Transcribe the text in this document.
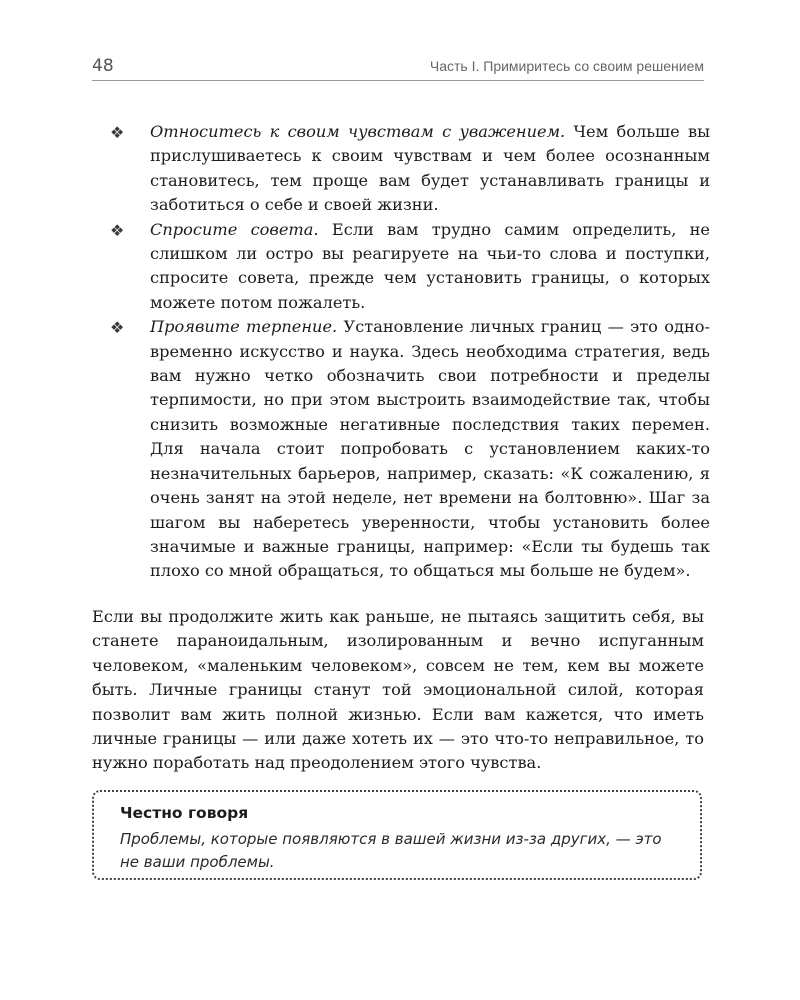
48	Часть I. Примиритесь со своим решением
❖ Относитесь к своим чувствам с уважением. Чем больше вы прислушиваетесь к своим чувствам и чем более осознанным становитесь, тем проще вам будет устанавливать границы и заботиться о себе и своей жизни.
❖ Спросите совета. Если вам трудно самим определить, не слишком ли остро вы реагируете на чьи-то слова и поступки, спросите совета, прежде чем установить границы, о которых можете потом пожалеть.
❖ Проявите терпение. Установление личных границ — это одновременно искусство и наука. Здесь необходима стратегия, ведь вам нужно четко обозначить свои потребности и пределы терпимости, но при этом выстроить взаимодействие так, чтобы снизить возможные негативные последствия таких перемен. Для начала стоит попробовать с установлением каких-то незначительных барьеров, например, сказать: «К сожалению, я очень занят на этой неделе, нет времени на болтовню». Шаг за шагом вы наберетесь уверенности, чтобы установить более значимые и важные границы, например: «Если ты будешь так плохо со мной обращаться, то общаться мы больше не будем».

Если вы продолжите жить как раньше, не пытаясь защитить себя, вы станете параноидальным, изолированным и вечно испуганным человеком, «маленьким человеком», совсем не тем, кем вы можете быть. Личные границы станут той эмоциональной силой, которая позволит вам жить полной жизнью. Если вам кажется, что иметь личные границы — или даже хотеть их — это что-то неправильное, то нужно поработать над преодолением этого чувства.

Честно говоря
Проблемы, которые появляются в вашей жизни из-за других, — это не ваши проблемы.
